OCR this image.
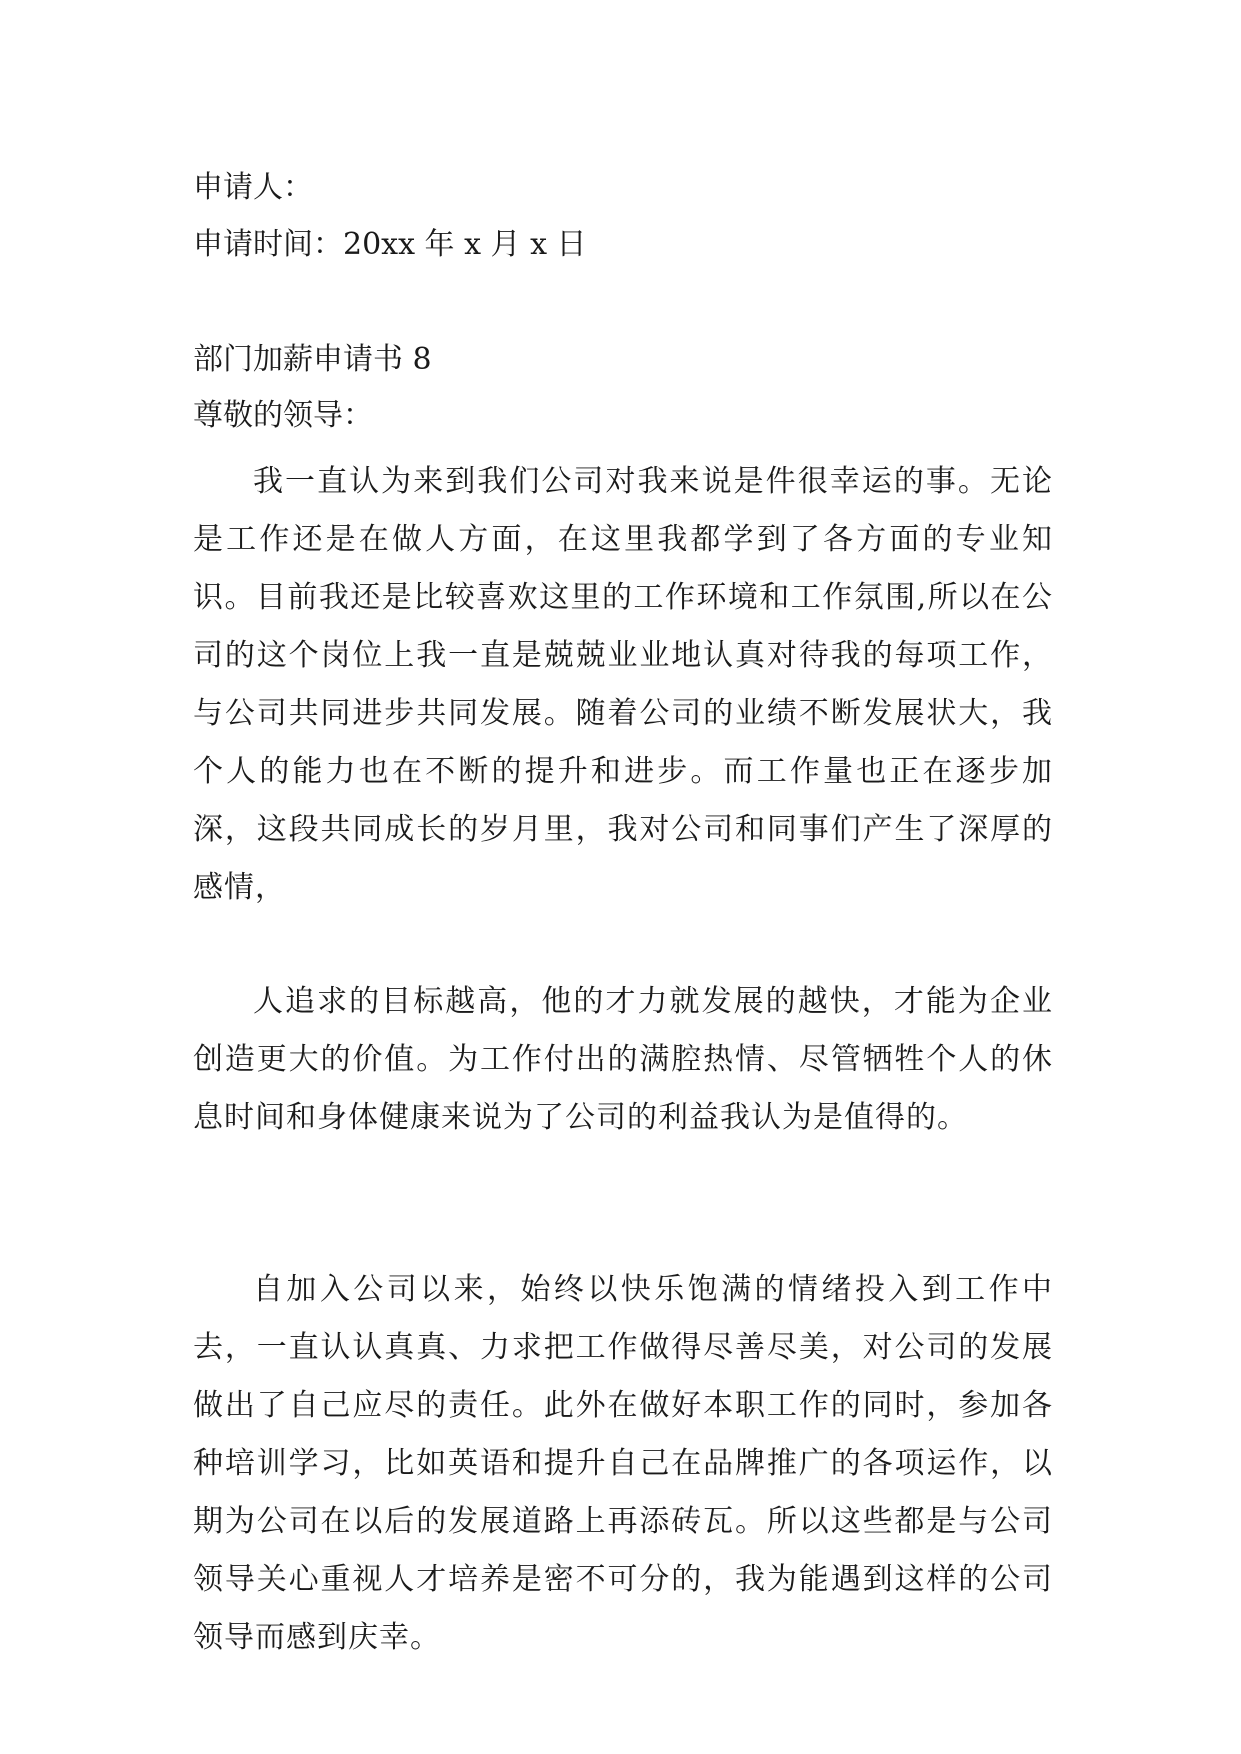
申请人：
申请时间：20xx 年 x 月 x 日
部门加薪申请书 8
尊敬的领导：
我一直认为来到我们公司对我来说是件很幸运的事。无论是工作还是在做人方面，在这里我都学到了各方面的专业知识。目前我还是比较喜欢这里的工作环境和工作氛围,所以在公司的这个岗位上我一直是兢兢业业地认真对待我的每项工作，与公司共同进步共同发展。随着公司的业绩不断发展状大，我个人的能力也在不断的提升和进步。而工作量也正在逐步加深，这段共同成长的岁月里，我对公司和同事们产生了深厚的感情，
人追求的目标越高，他的才力就发展的越快，才能为企业创造更大的价值。为工作付出的满腔热情、尽管牺牲个人的休息时间和身体健康来说为了公司的利益我认为是值得的。
自加入公司以来，始终以快乐饱满的情绪投入到工作中去，一直认认真真、力求把工作做得尽善尽美，对公司的发展做出了自己应尽的责任。此外在做好本职工作的同时，参加各种培训学习，比如英语和提升自己在品牌推广的各项运作，以期为公司在以后的发展道路上再添砖瓦。所以这些都是与公司领导关心重视人才培养是密不可分的，我为能遇到这样的公司领导而感到庆幸。
